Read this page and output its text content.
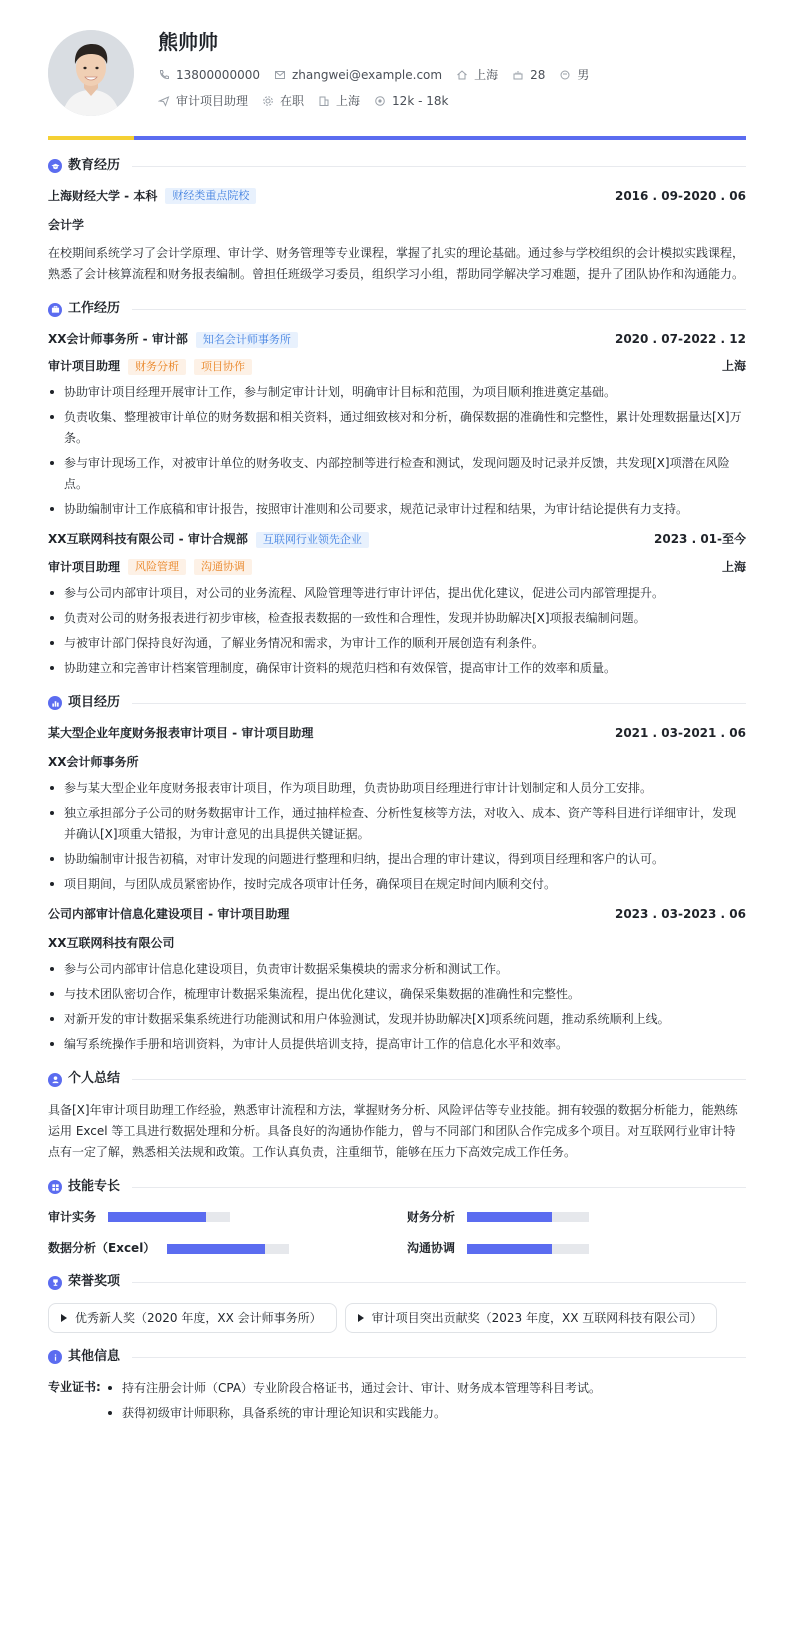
熊帅帅
13800000000	zhangwei@example.com	上海	28	男
审计项目助理	在职	上海	12k - 18k
教育经历
上海财经大学 - 本科	财经类重点院校	2016 . 09-2020 . 06
会计学
在校期间系统学习了会计学原理、审计学、财务管理等专业课程，掌握了扎实的理论基础。通过参与学校组织的会计模拟实践课程，熟悉了会计核算流程和财务报表编制。曾担任班级学习委员，组织学习小组，帮助同学解决学习难题，提升了团队协作和沟通能力。
工作经历
XX会计师事务所 - 审计部	知名会计师事务所	2020 . 07-2022 . 12
审计项目助理	财务分析	项目协作	上海
协助审计项目经理开展审计工作，参与制定审计计划，明确审计目标和范围，为项目顺利推进奠定基础。
负责收集、整理被审计单位的财务数据和相关资料，通过细致核对和分析，确保数据的准确性和完整性，累计处理数据量达[X]万条。
参与审计现场工作，对被审计单位的财务收支、内部控制等进行检查和测试，发现问题及时记录并反馈，共发现[X]项潜在风险点。
协助编制审计工作底稿和审计报告，按照审计准则和公司要求，规范记录审计过程和结果，为审计结论提供有力支持。
XX互联网科技有限公司 - 审计合规部	互联网行业领先企业	2023 . 01-至今
审计项目助理	风险管理	沟通协调	上海
参与公司内部审计项目，对公司的业务流程、风险管理等进行审计评估，提出优化建议，促进公司内部管理提升。
负责对公司的财务报表进行初步审核，检查报表数据的一致性和合理性，发现并协助解决[X]项报表编制问题。
与被审计部门保持良好沟通，了解业务情况和需求，为审计工作的顺利开展创造有利条件。
协助建立和完善审计档案管理制度，确保审计资料的规范归档和有效保管，提高审计工作的效率和质量。
项目经历
某大型企业年度财务报表审计项目 - 审计项目助理	2021 . 03-2021 . 06
XX会计师事务所
参与某大型企业年度财务报表审计项目，作为项目助理，负责协助项目经理进行审计计划制定和人员分工安排。
独立承担部分子公司的财务数据审计工作，通过抽样检查、分析性复核等方法，对收入、成本、资产等科目进行详细审计，发现并确认[X]项重大错报，为审计意见的出具提供关键证据。
协助编制审计报告初稿，对审计发现的问题进行整理和归纳，提出合理的审计建议，得到项目经理和客户的认可。
项目期间，与团队成员紧密协作，按时完成各项审计任务，确保项目在规定时间内顺利交付。
公司内部审计信息化建设项目 - 审计项目助理	2023 . 03-2023 . 06
XX互联网科技有限公司
参与公司内部审计信息化建设项目，负责审计数据采集模块的需求分析和测试工作。
与技术团队密切合作，梳理审计数据采集流程，提出优化建议，确保采集数据的准确性和完整性。
对新开发的审计数据采集系统进行功能测试和用户体验测试，发现并协助解决[X]项系统问题，推动系统顺利上线。
编写系统操作手册和培训资料，为审计人员提供培训支持，提高审计工作的信息化水平和效率。
个人总结
具备[X]年审计项目助理工作经验，熟悉审计流程和方法，掌握财务分析、风险评估等专业技能。拥有较强的数据分析能力，能熟练运用 Excel 等工具进行数据处理和分析。具备良好的沟通协作能力，曾与不同部门和团队合作完成多个项目。对互联网行业审计特点有一定了解，熟悉相关法规和政策。工作认真负责，注重细节，能够在压力下高效完成工作任务。
技能专长
审计实务	财务分析
数据分析（Excel）	沟通协调
荣誉奖项
优秀新人奖（2020 年度，XX 会计师事务所）	审计项目突出贡献奖（2023 年度，XX 互联网科技有限公司）
其他信息
专业证书:	持有注册会计师（CPA）专业阶段合格证书，通过会计、审计、财务成本管理等科目考试。
获得初级审计师职称，具备系统的审计理论知识和实践能力。
